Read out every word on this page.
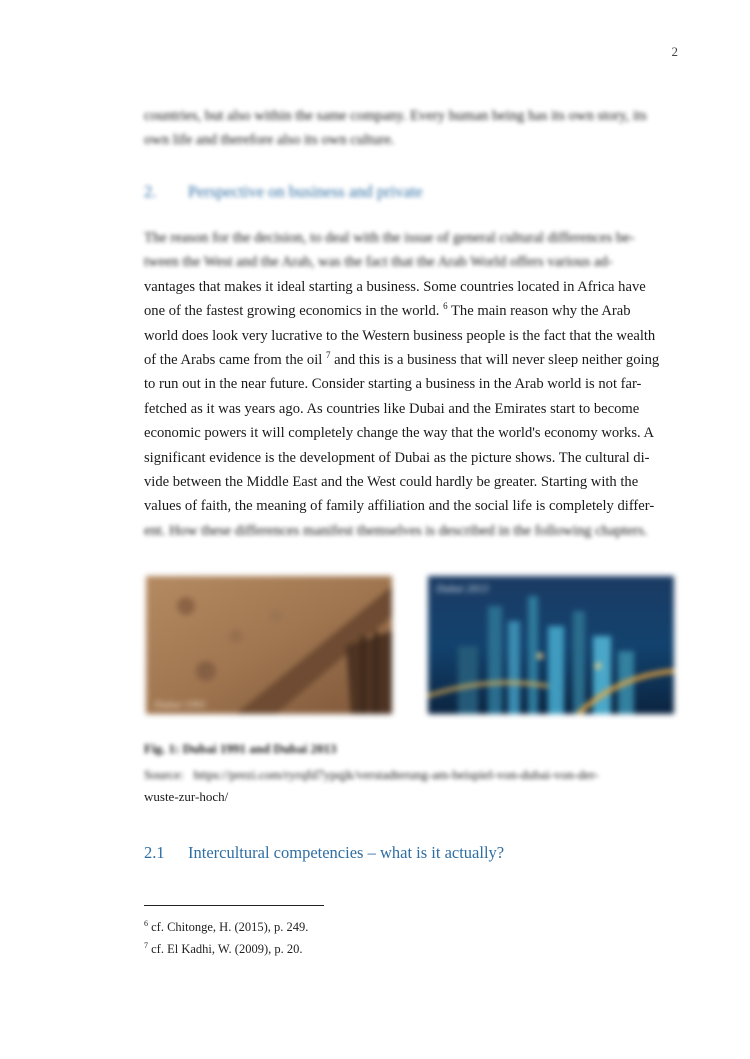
2
countries, but also within the same company. Every human being has its own story, its
own life and therefore also its own culture.
2. Perspective on business and private
The reason for the decision, to deal with the issue of general cultural differences be-
tween the West and the Arab, was the fact that the Arab World offers various ad-
vantages that makes it ideal starting a business. Some countries located in Africa have
one of the fastest growing economics in the world. $^6$ The main reason why the Arab
world does look very lucrative to the Western business people is the fact that the wealth
of the Arabs came from the oil $^7$ and this is a business that will never sleep neither going
to run out in the near future. Consider starting a business in the Arab world is not far-
fetched as it was years ago. As countries like Dubai and the Emirates start to become
economic powers it will completely change the way that the world's economy works. A
significant evidence is the development of Dubai as the picture shows. The cultural di-
vide between the Middle East and the West could hardly be greater. Starting with the
values of faith, the meaning of family affiliation and the social life is completely differ-
ent. How these differences manifest themselves is described in the following chapters.
Dubai 1991
Dubai 2013
Fig. 1: Dubai 1991 and Dubai 2013
Source: https://prezi.com/ryrqfd7ypqjk/verstadterung-am-beispiel-von-dubai-von-der-
wuste-zur-hoch/
2.1 Intercultural competencies – what is it actually?
$^6$ cf. Chitonge, H. (2015), p. 249.
$^7$ cf. El Kadhi, W. (2009), p. 20.
